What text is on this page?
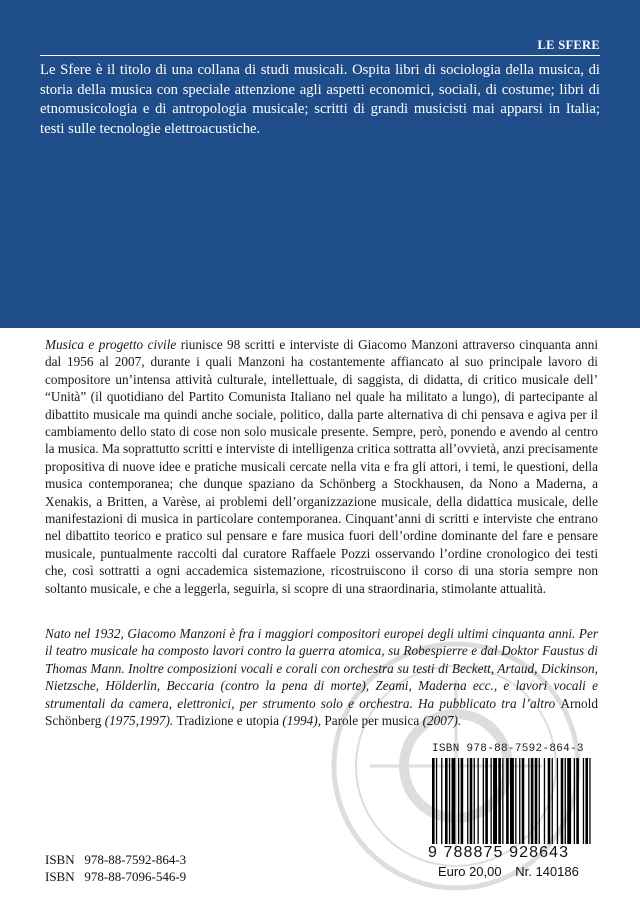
LE SFERE

Le Sfere è il titolo di una collana di studi musicali. Ospita libri di sociologia della musica, di storia della musica con speciale attenzione agli aspetti economici, sociali, di costume; libri di etnomusicologia e di antropologia musicale; scritti di grandi musicisti mai apparsi in Italia; testi sulle tecnologie elettroacustiche.

Musica e progetto civile riunisce 98 scritti e interviste di Giacomo Manzoni attraverso cinquanta anni dal 1956 al 2007, durante i quali Manzoni ha costantemente affiancato al suo principale lavoro di compositore un’intensa attività culturale, intellettuale, di saggista, di didatta, di critico musicale dell’ “Unità” (il quotidiano del Partito Comunista Italiano nel quale ha militato a lungo), di partecipante al dibattito musicale ma quindi anche sociale, politico, dalla parte alternativa di chi pensava e agiva per il cambiamento dello stato di cose non solo musicale presente. Sempre, però, ponendo e avendo al centro la musica. Ma soprattutto scritti e interviste di intelligenza critica sottratta all’ovvietà, anzi precisamente propositiva di nuove idee e pratiche musicali cercate nella vita e fra gli attori, i temi, le questioni, della musica contemporanea; che dunque spaziano da Schönberg a Stockhausen, da Nono a Maderna, a Xenakis, a Britten, a Varèse, ai problemi dell’organizzazione musicale, della didattica musicale, delle manifestazioni di musica in particolare contemporanea. Cinquant’anni di scritti e interviste che entrano nel dibattito teorico e pratico sul pensare e fare musica fuori dell’ordine dominante del fare e pensare musicale, puntualmente raccolti dal curatore Raffaele Pozzi osservando l’ordine cronologico dei testi che, così sottratti a ogni accademica sistemazione, ricostruiscono il corso di una storia sempre non soltanto musicale, e che a leggerla, seguirla, si scopre di una straordinaria, stimolante attualità.

Nato nel 1932, Giacomo Manzoni è fra i maggiori compositori europei degli ultimi cinquanta anni. Per il teatro musicale ha composto lavori contro la guerra atomica, su Robespierre e dal Doktor Faustus di Thomas Mann. Inoltre composizioni vocali e corali con orchestra su testi di Beckett, Artaud, Dickinson, Nietzsche, Hölderlin, Beccaria (contro la pena di morte), Zeami, Maderna ecc., e lavori vocali e strumentali da camera, elettronici, per strumento solo e orchestra. Ha pubblicato tra l’altro Arnold Schönberg (1975,1997). Tradizione e utopia (1994), Parole per musica (2007).

ISBN 978-88-7592-864-3
9 788875 928643
Euro 20,00 Nr. 140186
ISBN   978-88-7592-864-3
ISBN   978-88-7096-546-9
